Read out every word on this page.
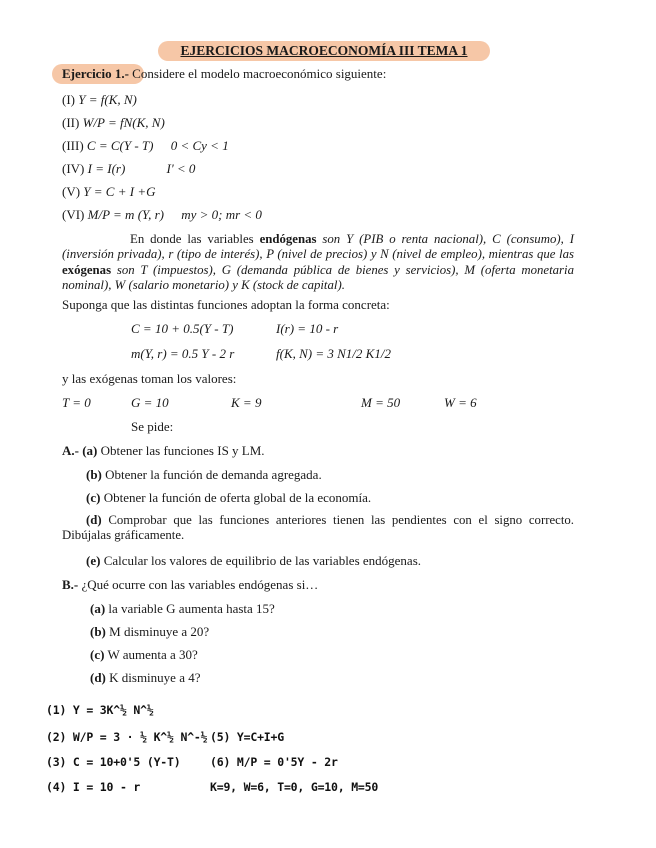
EJERCICIOS MACROECONOMÍA III TEMA 1
Ejercicio 1.- Considere el modelo macroeconómico siguiente:
(I) Y = f(K, N)
(II) W/P = fN(K, N)
(III) C = C(Y - T) 0 < Cy < 1
(IV) I = I(r)	I' < 0
(V) Y = C + I +G
(VI) M/P = m (Y, r) my > 0; mr < 0
En donde las variables endógenas son Y (PIB o renta nacional), C (consumo), I (inversión privada), r (tipo de interés), P (nivel de precios) y N (nivel de empleo), mientras que las exógenas son T (impuestos), G (demanda pública de bienes y servicios), M (oferta monetaria nominal), W (salario monetario) y K (stock de capital).
Suponga que las distintas funciones adoptan la forma concreta:
C = 10 + 0.5(Y - T)	I(r) = 10 - r
m(Y, r) = 0.5 Y - 2 r	f(K, N) = 3 N1/2 K1/2
y las exógenas toman los valores:
T = 0	G = 10	K = 9	M = 50	W = 6
Se pide:
A.- (a) Obtener las funciones IS y LM.
(b) Obtener la función de demanda agregada.
(c) Obtener la función de oferta global de la economía.
(d) Comprobar que las funciones anteriores tienen las pendientes con el signo correcto. Dibújalas gráficamente.
(e) Calcular los valores de equilibrio de las variables endógenas.
B.- ¿Qué ocurre con las variables endógenas si…
(a) la variable G aumenta hasta 15?
(b) M disminuye a 20?
(c) W aumenta a 30?
(d) K disminuye a 4?
(1) Y = 3K^½ N^½
(2) W/P = 3 · ½ K^½ N^-½ (5) Y=C+I+G
(3) C = 10+0'5 (Y-T)	(6) M/P = 0'5Y - 2r
(4) I = 10 - r	K=9, W=6, T=0, G=10, M=50
